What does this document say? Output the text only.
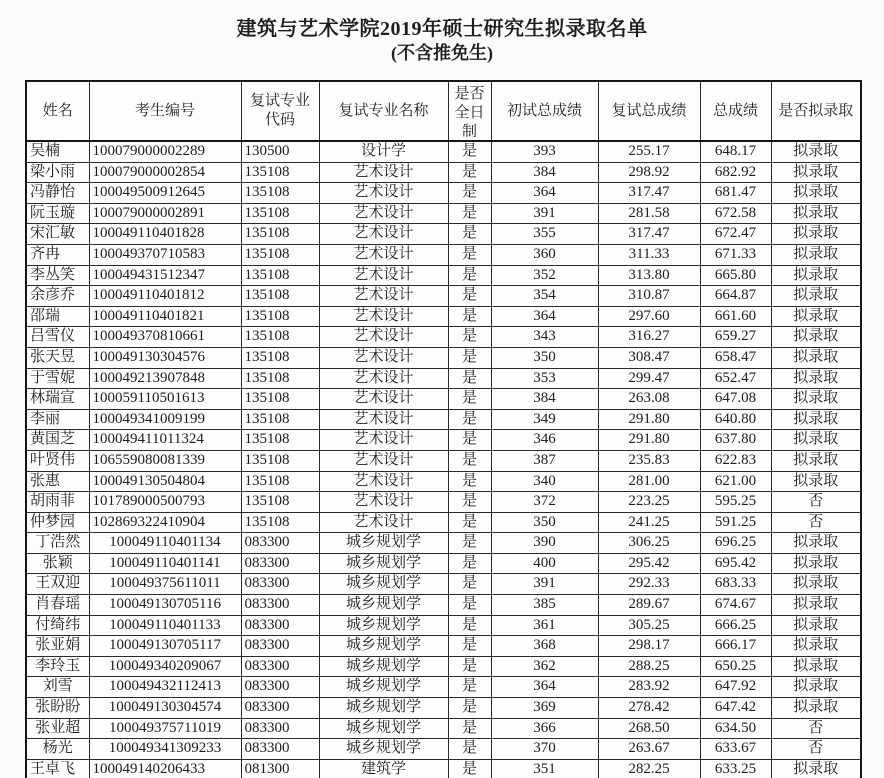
建筑与艺术学院2019年硕士研究生拟录取名单
(不含推免生)
姓名	考生编号	复试专业代码	复试专业名称	是否全日制	初试总成绩	复试总成绩	总成绩	是否拟录取

吴楠	100079000002289	130500	设计学	是	393	255.17	648.17	拟录取
梁小雨	100079000002854	135108	艺术设计	是	384	298.92	682.92	拟录取
冯静怡	100049500912645	135108	艺术设计	是	364	317.47	681.47	拟录取
阮玉璇	100079000002891	135108	艺术设计	是	391	281.58	672.58	拟录取
宋汇敏	100049110401828	135108	艺术设计	是	355	317.47	672.47	拟录取
齐冉	100049370710583	135108	艺术设计	是	360	311.33	671.33	拟录取
李丛笑	100049431512347	135108	艺术设计	是	352	313.80	665.80	拟录取
余彦乔	100049110401812	135108	艺术设计	是	354	310.87	664.87	拟录取
邵瑞	100049110401821	135108	艺术设计	是	364	297.60	661.60	拟录取
吕雪仪	100049370810661	135108	艺术设计	是	343	316.27	659.27	拟录取
张天昱	100049130304576	135108	艺术设计	是	350	308.47	658.47	拟录取
于雪妮	100049213907848	135108	艺术设计	是	353	299.47	652.47	拟录取
林瑞宣	100059110501613	135108	艺术设计	是	384	263.08	647.08	拟录取
李丽	100049341009199	135108	艺术设计	是	349	291.80	640.80	拟录取
黄国芝	100049411011324	135108	艺术设计	是	346	291.80	637.80	拟录取
叶贤伟	106559080081339	135108	艺术设计	是	387	235.83	622.83	拟录取
张惠	100049130504804	135108	艺术设计	是	340	281.00	621.00	拟录取
胡雨菲	101789000500793	135108	艺术设计	是	372	223.25	595.25	否
仲梦园	102869322410904	135108	艺术设计	是	350	241.25	591.25	否
丁浩然	100049110401134	083300	城乡规划学	是	390	306.25	696.25	拟录取
张颖	100049110401141	083300	城乡规划学	是	400	295.42	695.42	拟录取
王双迎	100049375611011	083300	城乡规划学	是	391	292.33	683.33	拟录取
肖春瑶	100049130705116	083300	城乡规划学	是	385	289.67	674.67	拟录取
付绮纬	100049110401133	083300	城乡规划学	是	361	305.25	666.25	拟录取
张亚娟	100049130705117	083300	城乡规划学	是	368	298.17	666.17	拟录取
李玲玉	100049340209067	083300	城乡规划学	是	362	288.25	650.25	拟录取
刘雪	100049432112413	083300	城乡规划学	是	364	283.92	647.92	拟录取
张盼盼	100049130304574	083300	城乡规划学	是	369	278.42	647.42	拟录取
张业超	100049375711019	083300	城乡规划学	是	366	268.50	634.50	否
杨光	100049341309233	083300	城乡规划学	是	370	263.67	633.67	否
王卓飞	100049140206433	081300	建筑学	是	351	282.25	633.25	拟录取
